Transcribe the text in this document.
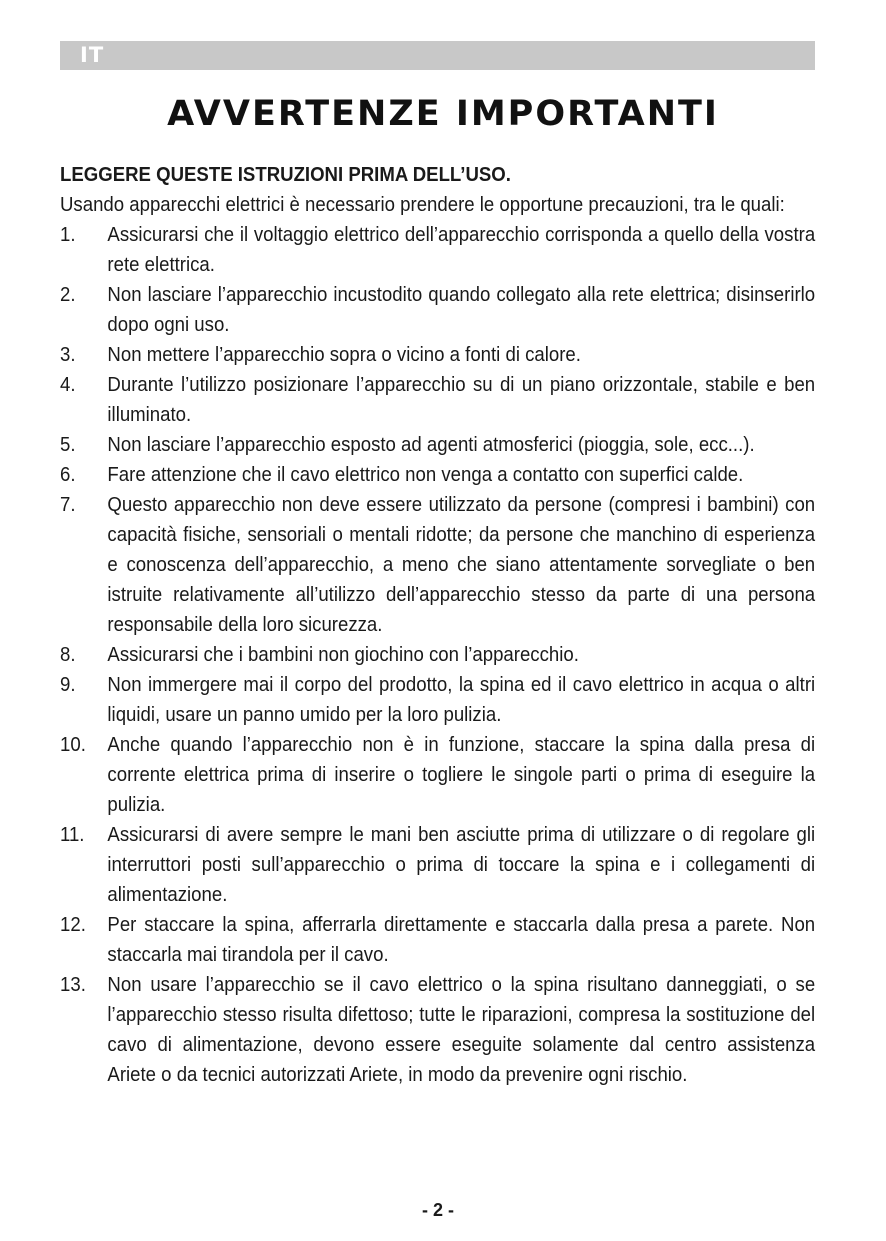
IT
AVVERTENZE IMPORTANTI

LEGGERE QUESTE ISTRUZIONI PRIMA DELL’USO.

Usando apparecchi elettrici è necessario prendere le opportune precauzioni, tra le quali:

1. Assicurarsi che il voltaggio elettrico dell’apparecchio corrisponda a quello della vostra rete elettrica.
2. Non lasciare l’apparecchio incustodito quando collegato alla rete elettrica; disinserirlo dopo ogni uso.
3. Non mettere l’apparecchio sopra o vicino a fonti di calore.
4. Durante l’utilizzo posizionare l’apparecchio su di un piano orizzontale, stabile e ben illuminato.
5. Non lasciare l’apparecchio esposto ad agenti atmosferici (pioggia, sole, ecc...).
6. Fare attenzione che il cavo elettrico non venga a contatto con superfici calde.
7. Questo apparecchio non deve essere utilizzato da persone (compresi i bambini) con capacità fisiche, sensoriali o mentali ridotte; da persone che manchino di esperienza e conoscenza dell’apparecchio, a meno che siano attentamente sorvegliate o ben istruite relativamente all’utilizzo dell’apparecchio stesso da parte di una persona responsabile della loro sicurezza.
8. Assicurarsi che i bambini non giochino con l’apparecchio.
9. Non immergere mai il corpo del prodotto, la spina ed il cavo elettrico in acqua o altri liquidi, usare un panno umido per la loro pulizia.
10. Anche quando l’apparecchio non è in funzione, staccare la spina dalla presa di corrente elettrica prima di inserire o togliere le singole parti o prima di eseguire la pulizia.
11. Assicurarsi di avere sempre le mani ben asciutte prima di utilizzare o di regolare gli interruttori posti sull’apparecchio o prima di toccare la spina e i collegamenti di alimentazione.
12. Per staccare la spina, afferrarla direttamente e staccarla dalla presa a parete. Non staccarla mai tirandola per il cavo.
13. Non usare l’apparecchio se il cavo elettrico o la spina risultano danneggiati, o se l’apparecchio stesso risulta difettoso; tutte le riparazioni, compresa la sostituzione del cavo di alimentazione, devono essere eseguite solamente dal centro assistenza Ariete o da tecnici autorizzati Ariete, in modo da prevenire ogni rischio.
- 2 -
